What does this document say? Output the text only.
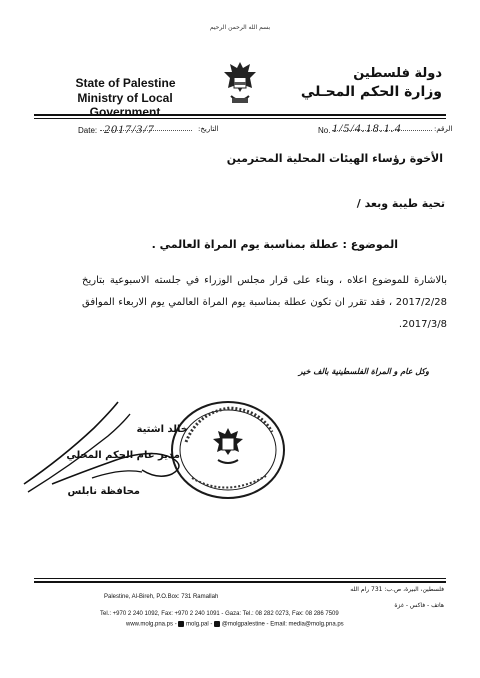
بسم الله الرحمن الرحيم
State of Palestine
Ministry of Local Government
دولة فلسطين
وزارة الحكم المحـلي
Date: 2017/3/7	التاريخ:	No. 1/5/4.18.1.4	الرقم:
الأخوة رؤساء الهيئات المحلية المحترمين
تحية طيبة وبعد /
الموضوع : عطلة بمناسبة يوم المراة العالمي .
بالاشارة للموضوع اعلاه ، وبناء على قرار مجلس الوزراء في جلسته الاسبوعية بتاريخ 2017/2/28 ، فقد تقرر ان تكون عطلة بمناسبة يوم المراة العالمي يوم الاربعاء الموافق 2017/3/8.
وكل عام و المراة الفلسطينية بالف خير
خالد اشتية
مدير عام الحكم المحلي
محافظة نابلس
فلسطين، البيرة، ص.ب: 731 رام الله
Palestine, Al-Bireh, P.O.Box: 731 Ramallah
هاتف - فاكس - غزة
Tel.: +970 2 240 1092, Fax: +970 2 240 1091 - Gaza: Tel.: 08 282 0273, Fax: 08 286 7509
www.molg.pna.ps -  molg.pal -  @molgpalestine - Email: media@molg.pna.ps
